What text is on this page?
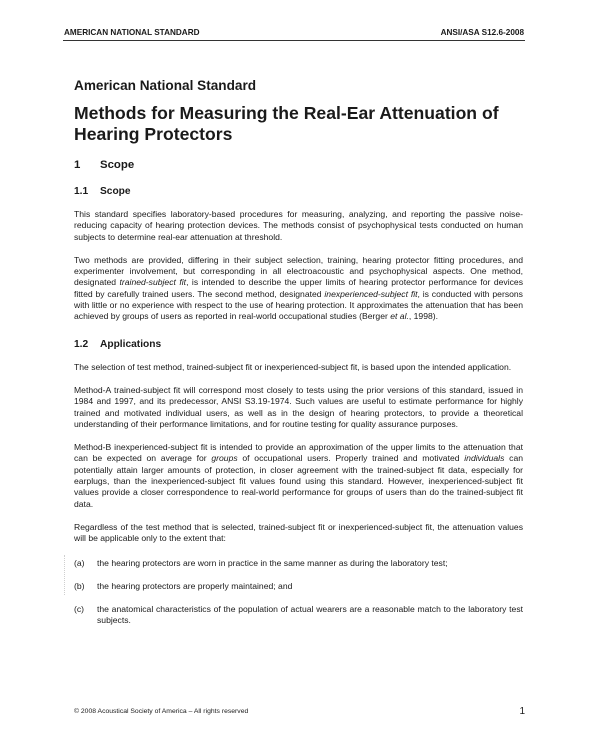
AMERICAN NATIONAL STANDARD	ANSI/ASA S12.6-2008

American National Standard

Methods for Measuring the Real-Ear Attenuation of Hearing Protectors
1 Scope
1.1 Scope

This standard specifies laboratory-based procedures for measuring, analyzing, and reporting the passive noise-reducing capacity of hearing protection devices. The methods consist of psychophysical tests conducted on human subjects to determine real-ear attenuation at threshold.

Two methods are provided, differing in their subject selection, training, hearing protector fitting procedures, and experimenter involvement, but corresponding in all electroacoustic and psychophysical aspects. One method, designated trained-subject fit, is intended to describe the upper limits of hearing protector performance for devices fitted by carefully trained users. The second method, designated inexperienced-subject fit, is conducted with persons with little or no experience with respect to the use of hearing protection. It approximates the attenuation that has been achieved by groups of users as reported in real-world occupational studies (Berger et al., 1998).

1.2 Applications

The selection of test method, trained-subject fit or inexperienced-subject fit, is based upon the intended application.

Method-A trained-subject fit will correspond most closely to tests using the prior versions of this standard, issued in 1984 and 1997, and its predecessor, ANSI S3.19-1974. Such values are useful to estimate performance for highly trained and motivated individual users, as well as in the design of hearing protectors, to provide a theoretical understanding of their performance limitations, and for routine testing for quality assurance purposes.

Method-B inexperienced-subject fit is intended to provide an approximation of the upper limits to the attenuation that can be expected on average for groups of occupational users. Properly trained and motivated individuals can potentially attain larger amounts of protection, in closer agreement with the trained-subject fit data, especially for earplugs, than the inexperienced-subject fit values found using this standard. However, inexperienced-subject fit values provide a closer correspondence to real-world performance for groups of users than do the trained-subject fit data.

Regardless of the test method that is selected, trained-subject fit or inexperienced-subject fit, the attenuation values will be applicable only to the extent that:

(a) the hearing protectors are worn in practice in the same manner as during the laboratory test;
(b) the hearing protectors are properly maintained; and
(c) the anatomical characteristics of the population of actual wearers are a reasonable match to the laboratory test subjects.
© 2008 Acoustical Society of America – All rights reserved	1
